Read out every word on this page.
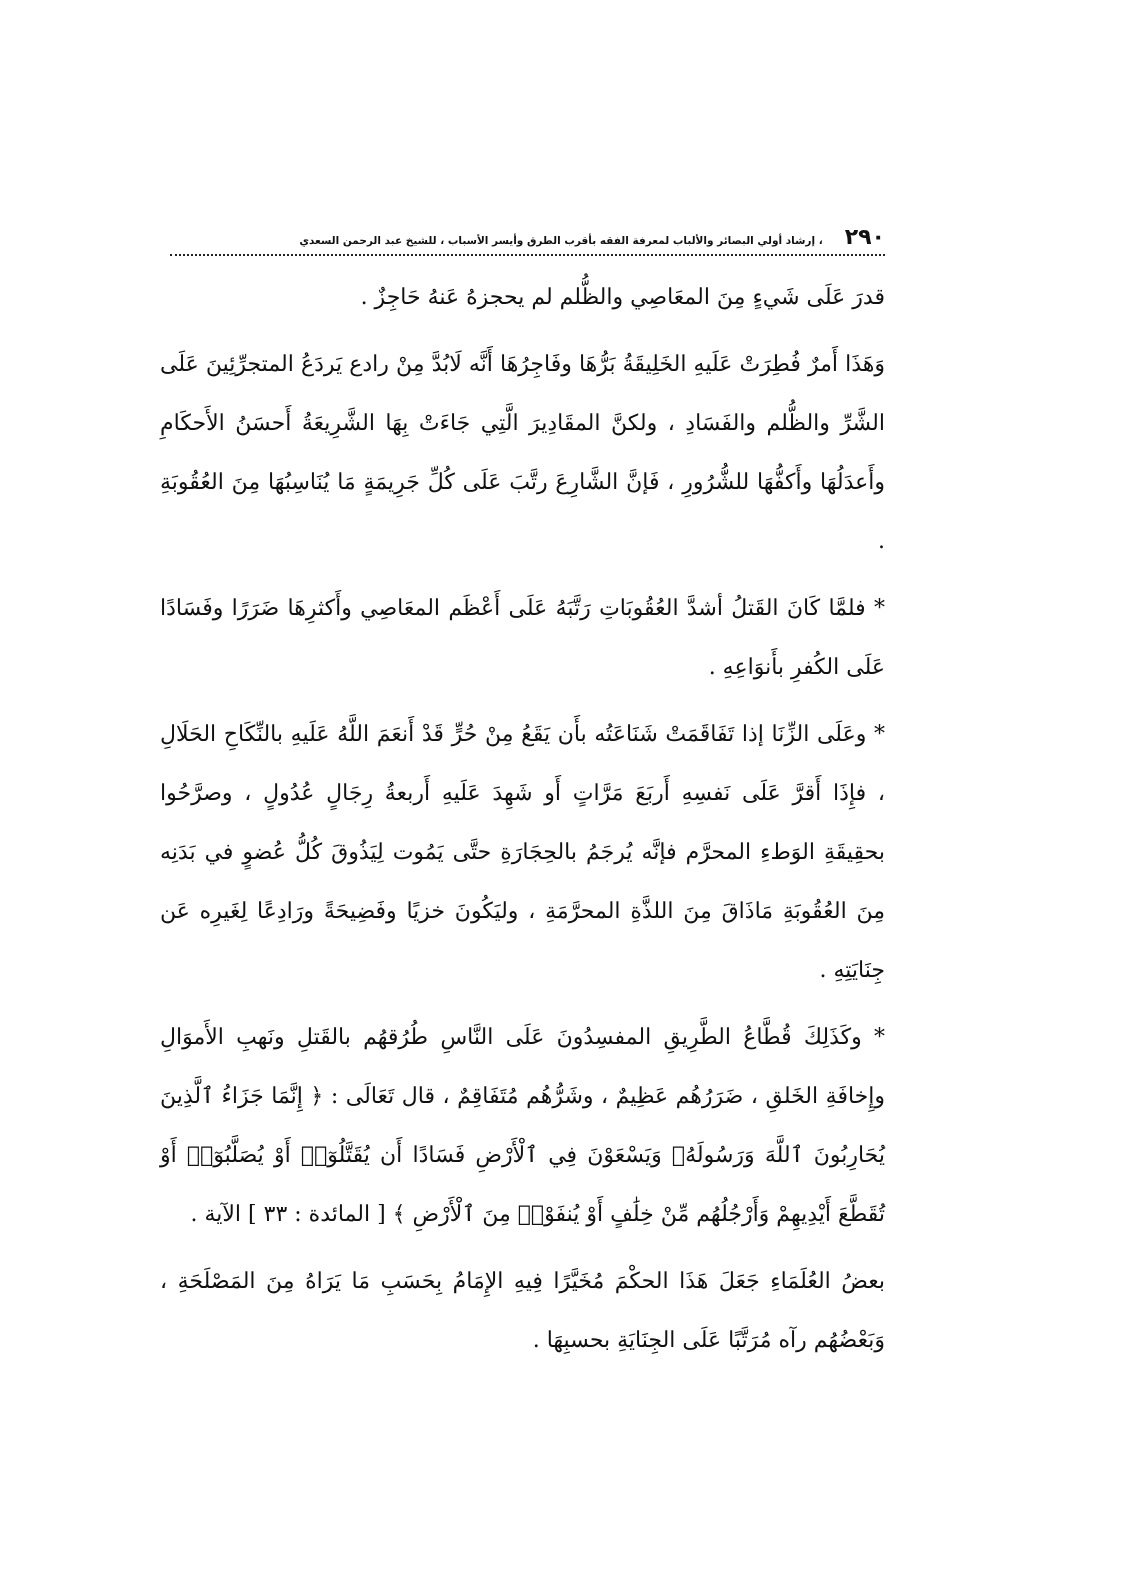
٢٩٠
، إرشاد أولي البصائر والألباب لمعرفة الفقه بأقرب الطرق وأيسر الأسباب ، للشيخ عبد الرحمن السعدي

قدرَ عَلَى شَيءٍ مِنَ المعَاصِي والظُّلم لم يحجزهُ عَنهُ حَاجِزٌ .

وَهَذَا أَمرٌ فُطِرَتْ عَلَيهِ الخَلِيقَةُ بَرُّهَا وفَاجِرُهَا أَنَّه لَابُدَّ مِنْ رادع يَردَعُ المتجرِّئِينَ عَلَى الشَّرِّ والظُّلم والفَسَادِ ، ولكنَّ المقَادِيرَ الَّتِي جَاءَتْ بِهَا الشَّرِيعَةُ أَحسَنُ الأَحكَامِ وأَعدَلُهَا وأَكفُّهَا للشُّرُورِ ، فَإنَّ الشَّارِعَ رتَّبَ عَلَى كُلِّ جَرِيمَةٍ مَا يُنَاسِبُهَا مِنَ العُقُوبَةِ .

* فلمَّا كَانَ القَتلُ أشدَّ العُقُوبَاتِ رَتَّبَهُ عَلَى أَعْظَم المعَاصِي وأَكثرِهَا ضَرَرًا وفَسَادًا عَلَى الكُفرِ بأَنوَاعِهِ .

* وعَلَى الزِّنَا إذا تَفَاقَمَتْ شَنَاعَتُه بأَن يَقَعُ مِنْ حُرٍّ قَدْ أَنعَمَ اللَّهُ عَلَيهِ بالنِّكَاحِ الحَلَالِ ، فإِذَا أَقرَّ عَلَى نَفسِهِ أَربَعَ مَرَّاتٍ أَو شَهِدَ عَلَيهِ أَربعةُ رِجَالٍ عُدُولٍ ، وصرَّحُوا بحقِيقَةِ الوَطءِ المحرَّم فإنَّه يُرجَمُ بالحِجَارَةِ حتَّى يَمُوت لِيَذُوقَ كُلُّ عُضوٍ في بَدَنِه مِنَ العُقُوبَةِ مَاذَاقَ مِنَ اللذَّةِ المحرَّمَةِ ، وليَكُونَ خزيًا وفَضِيحَةً ورَادِعًا لِغَيرِه عَن جِنَايَتِهِ .

* وكَذَلِكَ قُطَّاعُ الطَّرِيقِ المفسِدُونَ عَلَى النَّاسِ طُرُقهُم بالقَتلِ ونَهبِ الأَموَالِ وإِخافَةِ الخَلقِ ، ضَرَرُهُم عَظِيمٌ ، وشَرُّهُم مُتَفَاقِمٌ ، قال تَعَالَى : ﴿ إِنَّمَا جَزَاءُ ٱلَّذِينَ يُحَارِبُونَ ٱللَّهَ وَرَسُولَهُۥ وَيَسْعَوْنَ فِي ٱلْأَرْضِ فَسَادًا أَن يُقَتَّلُوٓا۟ أَوْ يُصَلَّبُوٓا۟ أَوْ تُقَطَّعَ أَيْدِيهِمْ وَأَرْجُلُهُم مِّنْ خِلَٰفٍ أَوْ يُنفَوْا۟ مِنَ ٱلْأَرْضِ ﴾ [ المائدة : ٣٣ ] الآية .

بعضُ العُلَمَاءِ جَعَلَ هَذَا الحكْمَ مُخَيَّرًا فِيهِ الإِمَامُ بِحَسَبِ مَا يَرَاهُ مِنَ المَصْلَحَةِ ، وَبَعْضُهُم رآه مُرَتَّبًا عَلَى الجِنَايَةِ بحسبِهَا .
